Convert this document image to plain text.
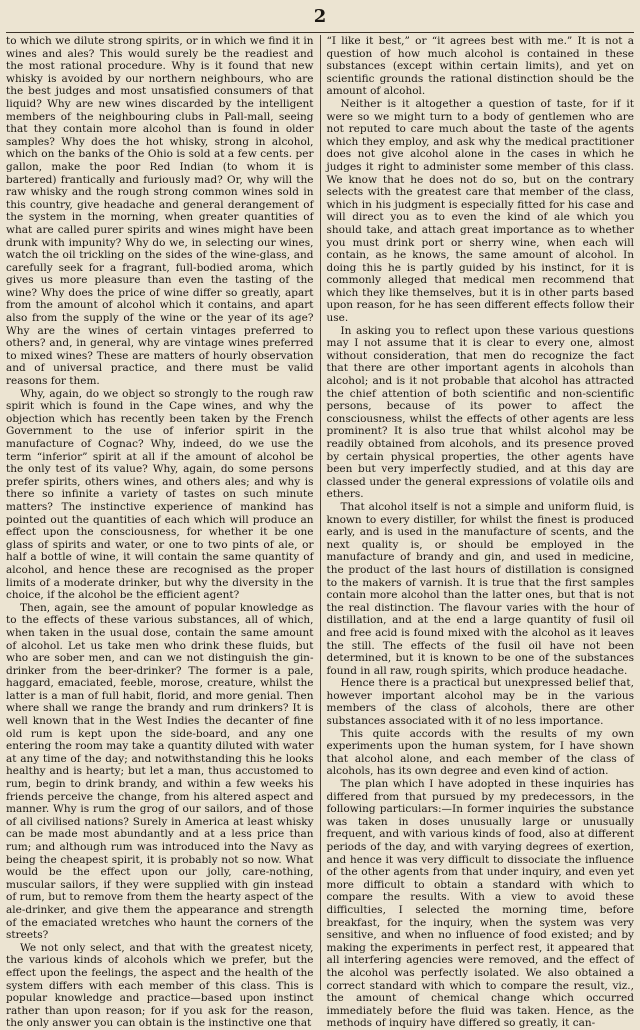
2

to which we dilute strong spirits, or in which we find it in wines and ales? This would surely be the readiest and the most rational procedure. Why is it found that new whisky is avoided by our northern neighbours, who are the best judges and most unsatisfied consumers of that liquid? Why are new wines discarded by the intelligent members of the neighbouring clubs in Pall-mall, seeing that they contain more alcohol than is found in older samples? Why does the hot whisky, strong in alcohol, which on the banks of the Ohio is sold at a few cents. per gallon, make the poor Red Indian (to whom it is bartered) frantically and furiously mad? Or, why will the raw whisky and the rough strong common wines sold in this country, give headache and general derangement of the system in the morning, when greater quantities of what are called purer spirits and wines might have been drunk with impunity? Why do we, in selecting our wines, watch the oil trickling on the sides of the wine-glass, and carefully seek for a fragrant, full-bodied aroma, which gives us more pleasure than even the tasting of the wine? Why does the price of wine differ so greatly, apart from the amount of alcohol which it contains, and apart also from the supply of the wine or the year of its age? Why are the wines of certain vintages preferred to others? and, in general, why are vintage wines preferred to mixed wines? These are matters of hourly observation and of universal practice, and there must be valid reasons for them.

Why, again, do we object so strongly to the rough raw spirit which is found in the Cape wines, and why the objection which has recently been taken by the French Government to the use of inferior spirit in the manufacture of Cognac? Why, indeed, do we use the term “inferior” spirit at all if the amount of alcohol be the only test of its value? Why, again, do some persons prefer spirits, others wines, and others ales; and why is there so infinite a variety of tastes on such minute matters? The instinctive experience of mankind has pointed out the quantities of each which will produce an effect upon the consciousness, for whether it be one glass of spirits and water, or one to two pints of ale, or half a bottle of wine, it will contain the same quantity of alcohol, and hence these are recognised as the proper limits of a moderate drinker, but why the diversity in the choice, if the alcohol be the efficient agent?

Then, again, see the amount of popular knowledge as to the effects of these various substances, all of which, when taken in the usual dose, contain the same amount of alcohol. Let us take men who drink these fluids, but who are sober men, and can we not distinguish the gin-drinker from the beer-drinker? The former is a pale, haggard, emaciated, feeble, morose, creature, whilst the latter is a man of full habit, florid, and more genial. Then where shall we range the brandy and rum drinkers? It is well known that in the West Indies the decanter of fine old rum is kept upon the side-board, and any one entering the room may take a quantity diluted with water at any time of the day; and notwithstanding this he looks healthy and is hearty; but let a man, thus accustomed to rum, begin to drink brandy, and within a few weeks his friends perceive the change, from his altered aspect and manner. Why is rum the grog of our sailors, and of those of all civilised nations? Surely in America at least whisky can be made most abundantly and at a less price than rum; and although rum was introduced into the Navy as being the cheapest spirit, it is probably not so now. What would be the effect upon our jolly, care-nothing, muscular sailors, if they were supplied with gin instead of rum, but to remove from them the hearty aspect of the ale-drinker, and give them the appearance and strength of the emaciated wretches who haunt the corners of the streets?

We not only select, and that with the greatest nicety, the various kinds of alcohols which we prefer, but the effect upon the feelings, the aspect and the health of the system differs with each member of this class. This is popular knowledge and practice—based upon instinct rather than upon reason; for if you ask for the reason, the only answer you can obtain is the instinctive one that

“I like it best,” or “it agrees best with me.” It is not a question of how much alcohol is contained in these substances (except within certain limits), and yet on scientific grounds the rational distinction should be the amount of alcohol.

Neither is it altogether a question of taste, for if it were so we might turn to a body of gentlemen who are not reputed to care much about the taste of the agents which they employ, and ask why the medical practitioner does not give alcohol alone in the cases in which he judges it right to administer some member of this class. We know that he does not do so, but on the contrary selects with the greatest care that member of the class, which in his judgment is especially fitted for his case and will direct you as to even the kind of ale which you should take, and attach great importance as to whether you must drink port or sherry wine, when each will contain, as he knows, the same amount of alcohol. In doing this he is partly guided by his instinct, for it is commonly alleged that medical men recommend that which they like themselves, but it is in other parts based upon reason, for he has seen different effects follow their use.

In asking you to reflect upon these various questions may I not assume that it is clear to every one, almost without consideration, that men do recognize the fact that there are other important agents in alcohols than alcohol; and is it not probable that alcohol has attracted the chief attention of both scientific and non-scientific persons, because of its power to affect the consciousness, whilst the effects of other agents are less prominent? It is also true that whilst alcohol may be readily obtained from alcohols, and its presence proved by certain physical properties, the other agents have been but very imperfectly studied, and at this day are classed under the general expressions of volatile oils and ethers.

That alcohol itself is not a simple and uniform fluid, is known to every distiller, for whilst the finest is produced early, and is used in the manufacture of scents, and the next quality is, or should be employed in the manufacture of brandy and gin, and used in medicine, the product of the last hours of distillation is consigned to the makers of varnish. It is true that the first samples contain more alcohol than the latter ones, but that is not the real distinction. The flavour varies with the hour of distillation, and at the end a large quantity of fusil oil and free acid is found mixed with the alcohol as it leaves the still. The effects of the fusil oil have not been determined, but it is known to be one of the substances found in all raw, rough spirits, which produce headache.

Hence there is a practical but unexpressed belief that, however important alcohol may be in the various members of the class of alcohols, there are other substances associated with it of no less importance.

This quite accords with the results of my own experiments upon the human system, for I have shown that alcohol alone, and each member of the class of alcohols, has its own degree and even kind of action.

The plan which I have adopted in these inquiries has differed from that pursued by my predecessors, in the following particulars:—In former inquiries the substance was taken in doses unusually large or unusually frequent, and with various kinds of food, also at different periods of the day, and with varying degrees of exertion, and hence it was very difficult to dissociate the influence of the other agents from that under inquiry, and even yet more difficult to obtain a standard with which to compare the results. With a view to avoid these difficulties, I selected the morning time, before breakfast, for the inquiry, when the system was very sensitive, and when no influence of food existed; and by making the experiments in perfect rest, it appeared that all interfering agencies were removed, and the effect of the alcohol was perfectly isolated. We also obtained a correct standard with which to compare the result, viz., the amount of chemical change which occurred immediately before the fluid was taken. Hence, as the methods of inquiry have differed so greatly, it can-
